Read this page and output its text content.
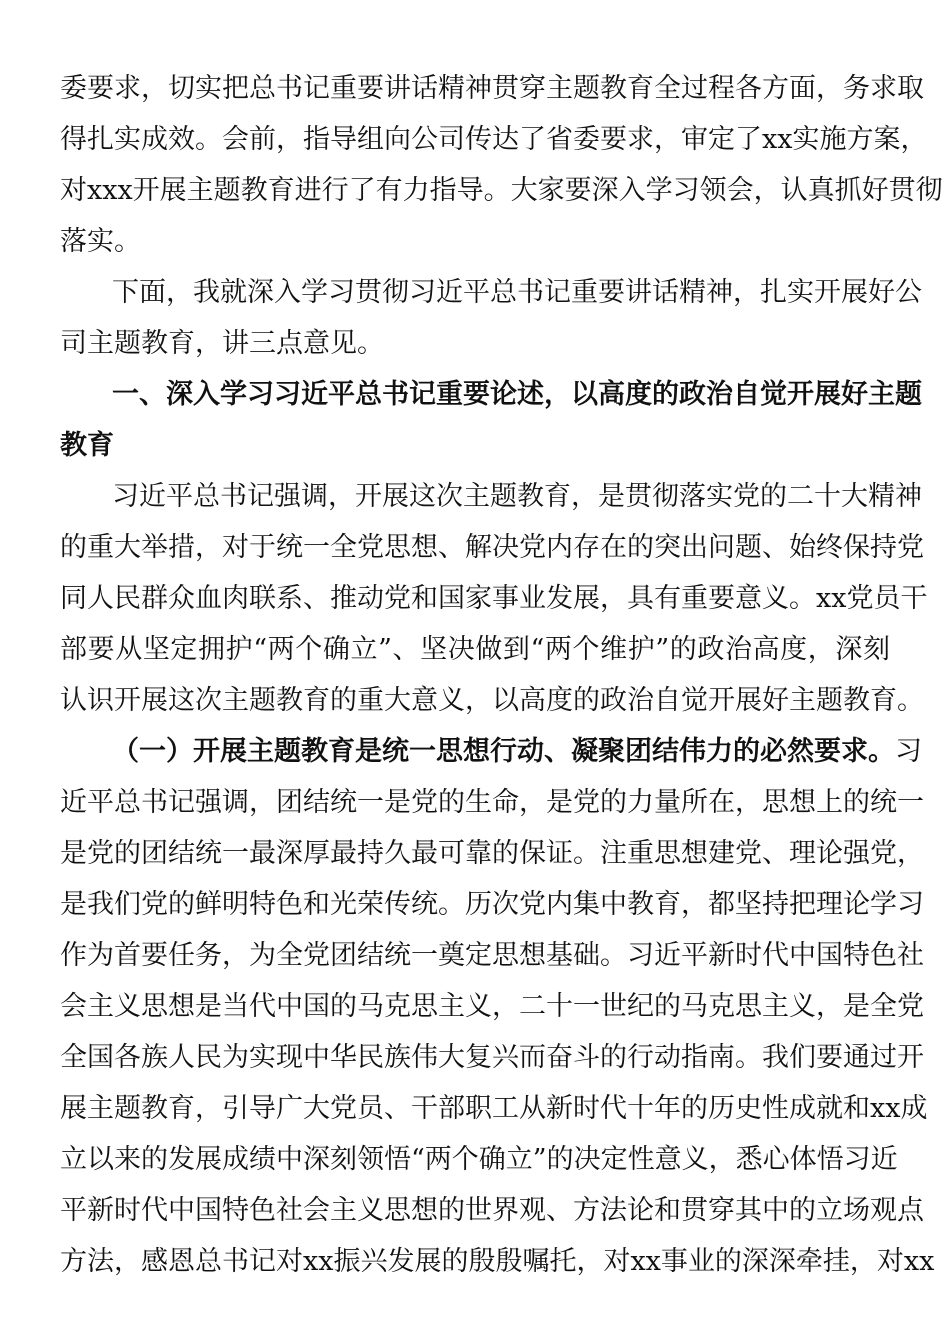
委要求，切实把总书记重要讲话精神贯穿主题教育全过程各方面，务求取
得扎实成效。会前，指导组向公司传达了省委要求，审定了xx实施方案，
对xxx开展主题教育进行了有力指导。大家要深入学习领会，认真抓好贯彻
落实。
下面，我就深入学习贯彻习近平总书记重要讲话精神，扎实开展好公
司主题教育，讲三点意见。
一、深入学习习近平总书记重要论述，以高度的政治自觉开展好主题
教育
习近平总书记强调，开展这次主题教育，是贯彻落实党的二十大精神
的重大举措，对于统一全党思想、解决党内存在的突出问题、始终保持党
同人民群众血肉联系、推动党和国家事业发展，具有重要意义。xx党员干
部要从坚定拥护“两个确立”、坚决做到“两个维护”的政治高度，深刻
认识开展这次主题教育的重大意义，以高度的政治自觉开展好主题教育。
（一）开展主题教育是统一思想行动、凝聚团结伟力的必然要求。习
近平总书记强调，团结统一是党的生命，是党的力量所在，思想上的统一
是党的团结统一最深厚最持久最可靠的保证。注重思想建党、理论强党，
是我们党的鲜明特色和光荣传统。历次党内集中教育，都坚持把理论学习
作为首要任务，为全党团结统一奠定思想基础。习近平新时代中国特色社
会主义思想是当代中国的马克思主义，二十一世纪的马克思主义，是全党
全国各族人民为实现中华民族伟大复兴而奋斗的行动指南。我们要通过开
展主题教育，引导广大党员、干部职工从新时代十年的历史性成就和xx成
立以来的发展成绩中深刻领悟“两个确立”的决定性意义，悉心体悟习近
平新时代中国特色社会主义思想的世界观、方法论和贯穿其中的立场观点
方法，感恩总书记对xx振兴发展的殷殷嘱托，对xx事业的深深牵挂，对xx
